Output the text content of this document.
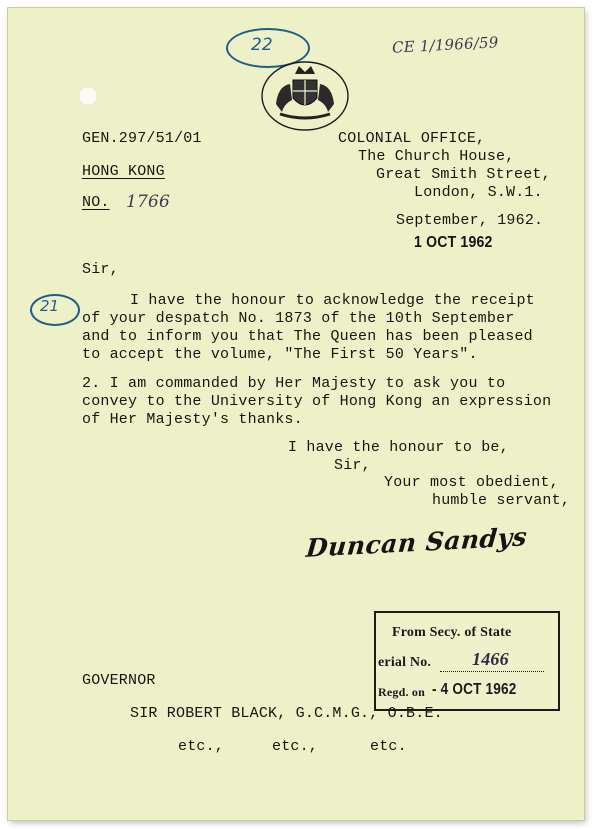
22	CE 1/1966/59
GEN.297/51/01
HONG KONG
NO. 1766
COLONIAL OFFICE,
The Church House,
Great Smith Street,
London, S.W.1.
September, 1962.
1 OCT 1962
Sir,
21	I have the honour to acknowledge the receipt
of your despatch No. 1873 of the 10th September
and to inform you that The Queen has been pleased
to accept the volume, "The First 50 Years".
2. I am commanded by Her Majesty to ask you to
convey to the University of Hong Kong an expression
of Her Majesty's thanks.
I have the honour to be,
Sir,
Your most obedient,
humble servant,
Duncan Sandys
From Secy. of State
erial No. 1466
Regd. on - 4 OCT 1962
GOVERNOR
SIR ROBERT BLACK, G.C.M.G., O.B.E.
etc.,	etc.,	etc.
